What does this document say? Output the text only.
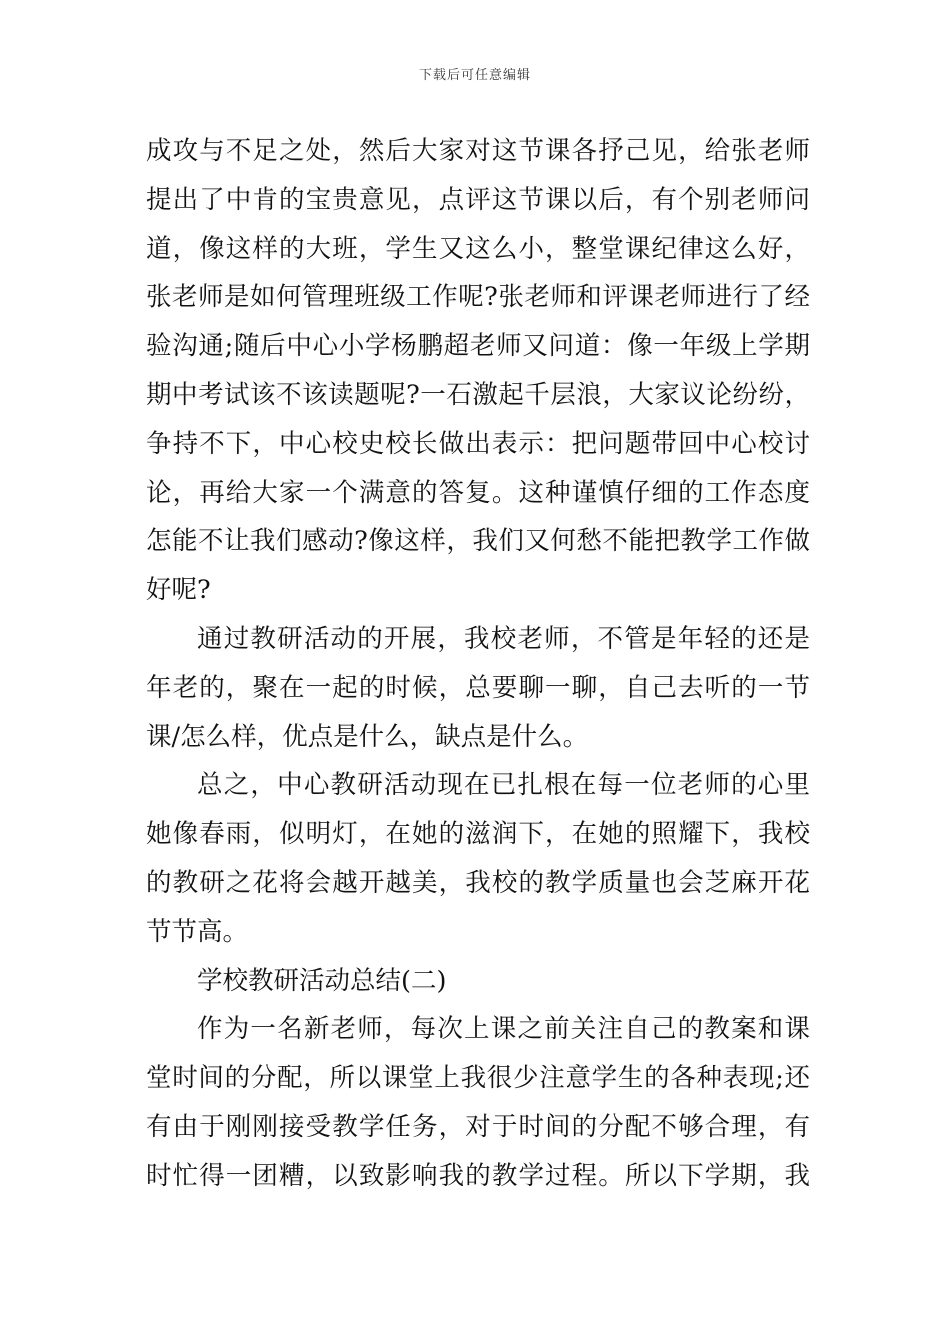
下载后可任意编辑
成攻与不足之处，然后大家对这节课各抒己见，给张老师
提出了中肯的宝贵意见，点评这节课以后，有个别老师问
道，像这样的大班，学生又这么小，整堂课纪律这么好，
张老师是如何管理班级工作呢?张老师和评课老师进行了经
验沟通;随后中心小学杨鹏超老师又问道：像一年级上学期
期中考试该不该读题呢?一石激起千层浪，大家议论纷纷，
争持不下，中心校史校长做出表示：把问题带回中心校讨
论，再给大家一个满意的答复。这种谨慎仔细的工作态度
怎能不让我们感动?像这样，我们又何愁不能把教学工作做
好呢?
通过教研活动的开展，我校老师，不管是年轻的还是
年老的，聚在一起的时候，总要聊一聊，自己去听的一节
课/怎么样，优点是什么，缺点是什么。
总之，中心教研活动现在已扎根在每一位老师的心里
她像春雨，似明灯，在她的滋润下，在她的照耀下，我校
的教研之花将会越开越美，我校的教学质量也会芝麻开花
节节高。
学校教研活动总结(二)
作为一名新老师，每次上课之前关注自己的教案和课
堂时间的分配，所以课堂上我很少注意学生的各种表现;还
有由于刚刚接受教学任务，对于时间的分配不够合理，有
时忙得一团糟，以致影响我的教学过程。所以下学期，我
